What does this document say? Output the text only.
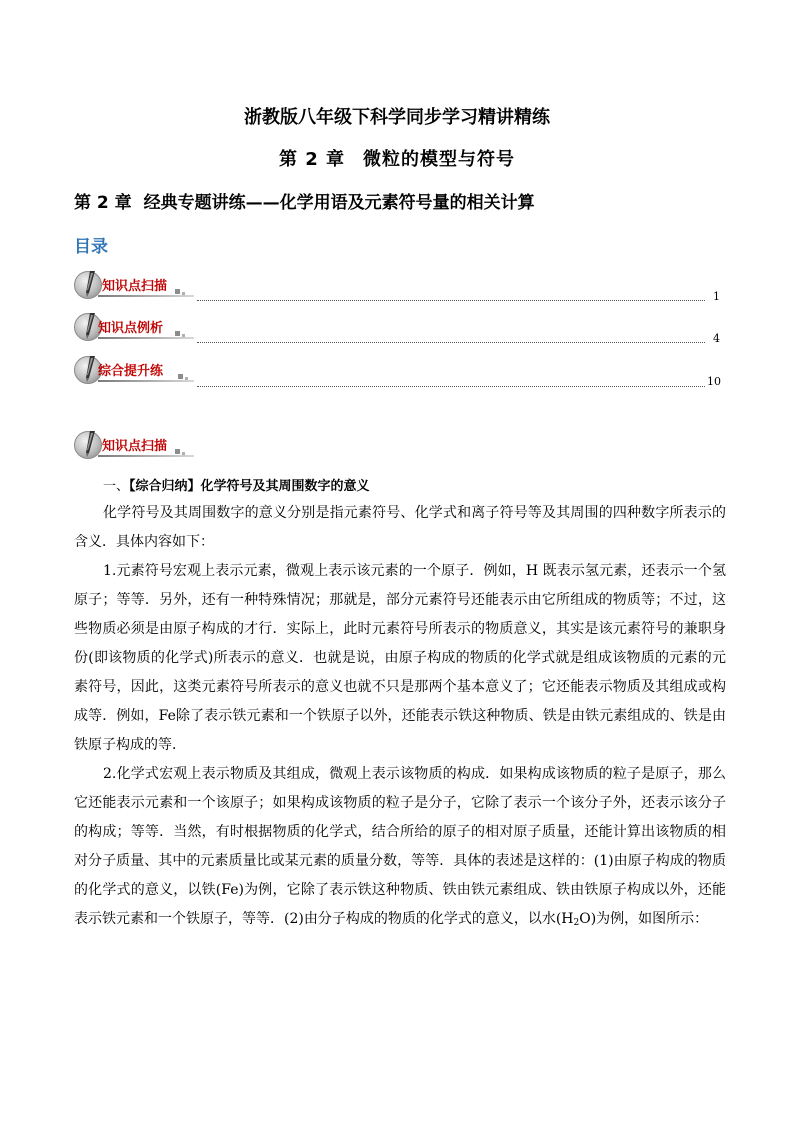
浙教版八年级下科学同步学习精讲精练
第 2 章 微粒的模型与符号
第 2 章 经典专题讲练——化学用语及元素符号量的相关计算
目录
知识点扫描
1
知识点例析
4
综合提升练
10
知识点扫描
一、【综合归纳】化学符号及其周围数字的意义

化学符号及其周围数字的意义分别是指元素符号、化学式和离子符号等及其周围的四种数字所表示的含义．具体内容如下：

1.元素符号宏观上表示元素，微观上表示该元素的一个原子．例如，H 既表示氢元素，还表示一个氢原子；等等．另外，还有一种特殊情况；那就是，部分元素符号还能表示由它所组成的物质等；不过，这些物质必须是由原子构成的才行．实际上，此时元素符号所表示的物质意义，其实是该元素符号的兼职身份(即该物质的化学式)所表示的意义．也就是说，由原子构成的物质的化学式就是组成该物质的元素的元素符号，因此，这类元素符号所表示的意义也就不只是那两个基本意义了；它还能表示物质及其组成或构成等．例如，Fe除了表示铁元素和一个铁原子以外，还能表示铁这种物质、铁是由铁元素组成的、铁是由铁原子构成的等．

2.化学式宏观上表示物质及其组成，微观上表示该物质的构成．如果构成该物质的粒子是原子，那么它还能表示元素和一个该原子；如果构成该物质的粒子是分子，它除了表示一个该分子外，还表示该分子的构成；等等．当然，有时根据物质的化学式，结合所给的原子的相对原子质量，还能计算出该物质的相对分子质量、其中的元素质量比或某元素的质量分数，等等．具体的表述是这样的：(1)由原子构成的物质的化学式的意义，以铁(Fe)为例，它除了表示铁这种物质、铁由铁元素组成、铁由铁原子构成以外，还能表示铁元素和一个铁原子，等等．(2)由分子构成的物质的化学式的意义，以水$(H_2O)$为例，如图所示：
